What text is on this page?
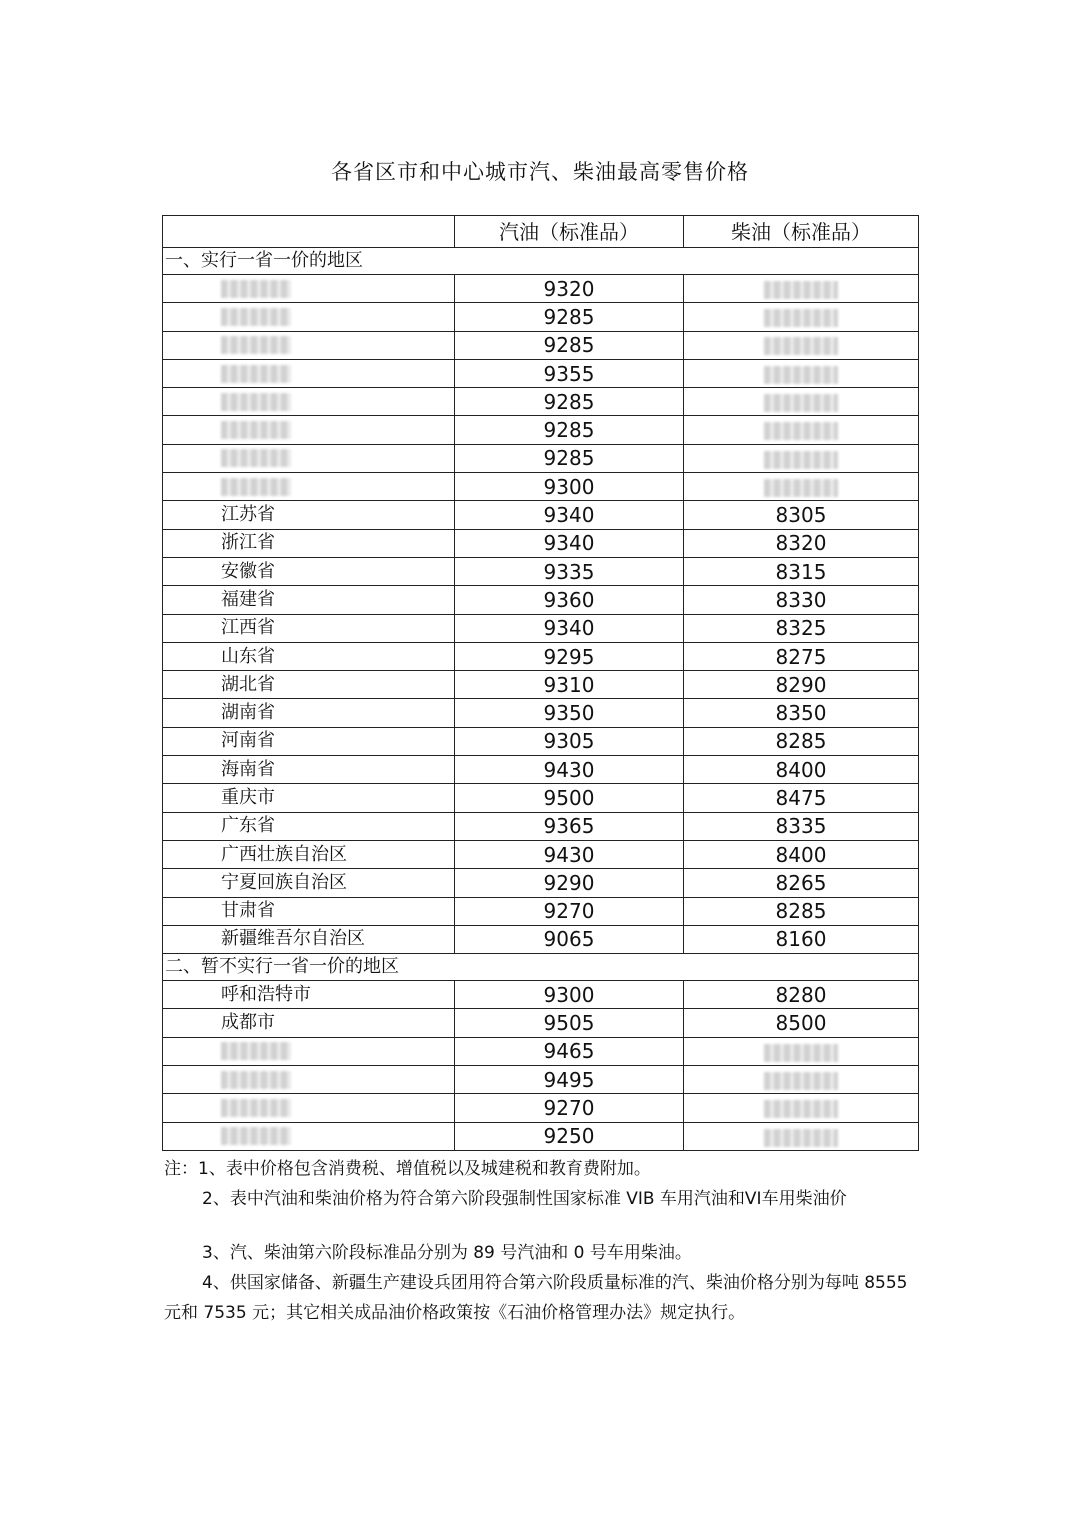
各省区市和中心城市汽、柴油最高零售价格
	汽油（标准品）	柴油（标准品）
一、实行一省一价的地区		
	9320	
	9285	
	9285	
	9355	
	9285	
	9285	
	9285	
	9300	
江苏省	9340	8305
浙江省	9340	8320
安徽省	9335	8315
福建省	9360	8330
江西省	9340	8325
山东省	9295	8275
湖北省	9310	8290
湖南省	9350	8350
河南省	9305	8285
海南省	9430	8400
重庆市	9500	8475
广东省	9365	8335
广西壮族自治区	9430	8400
宁夏回族自治区	9290	8265
甘肃省	9270	8285
新疆维吾尔自治区	9065	8160
二、暂不实行一省一价的地区		
呼和浩特市	9300	8280
成都市	9505	8500
	9465	
	9495	
	9270	
	9250	

注：1、表中价格包含消费税、增值税以及城建税和教育费附加。

2、表中汽油和柴油价格为符合第六阶段强制性国家标准 VIB 车用汽油和VI车用柴油价

3、汽、柴油第六阶段标准品分别为 89 号汽油和 0 号车用柴油。

4、供国家储备、新疆生产建设兵团用符合第六阶段质量标准的汽、柴油价格分别为每吨 8555 元和 7535 元；其它相关成品油价格政策按《石油价格管理办法》规定执行。
